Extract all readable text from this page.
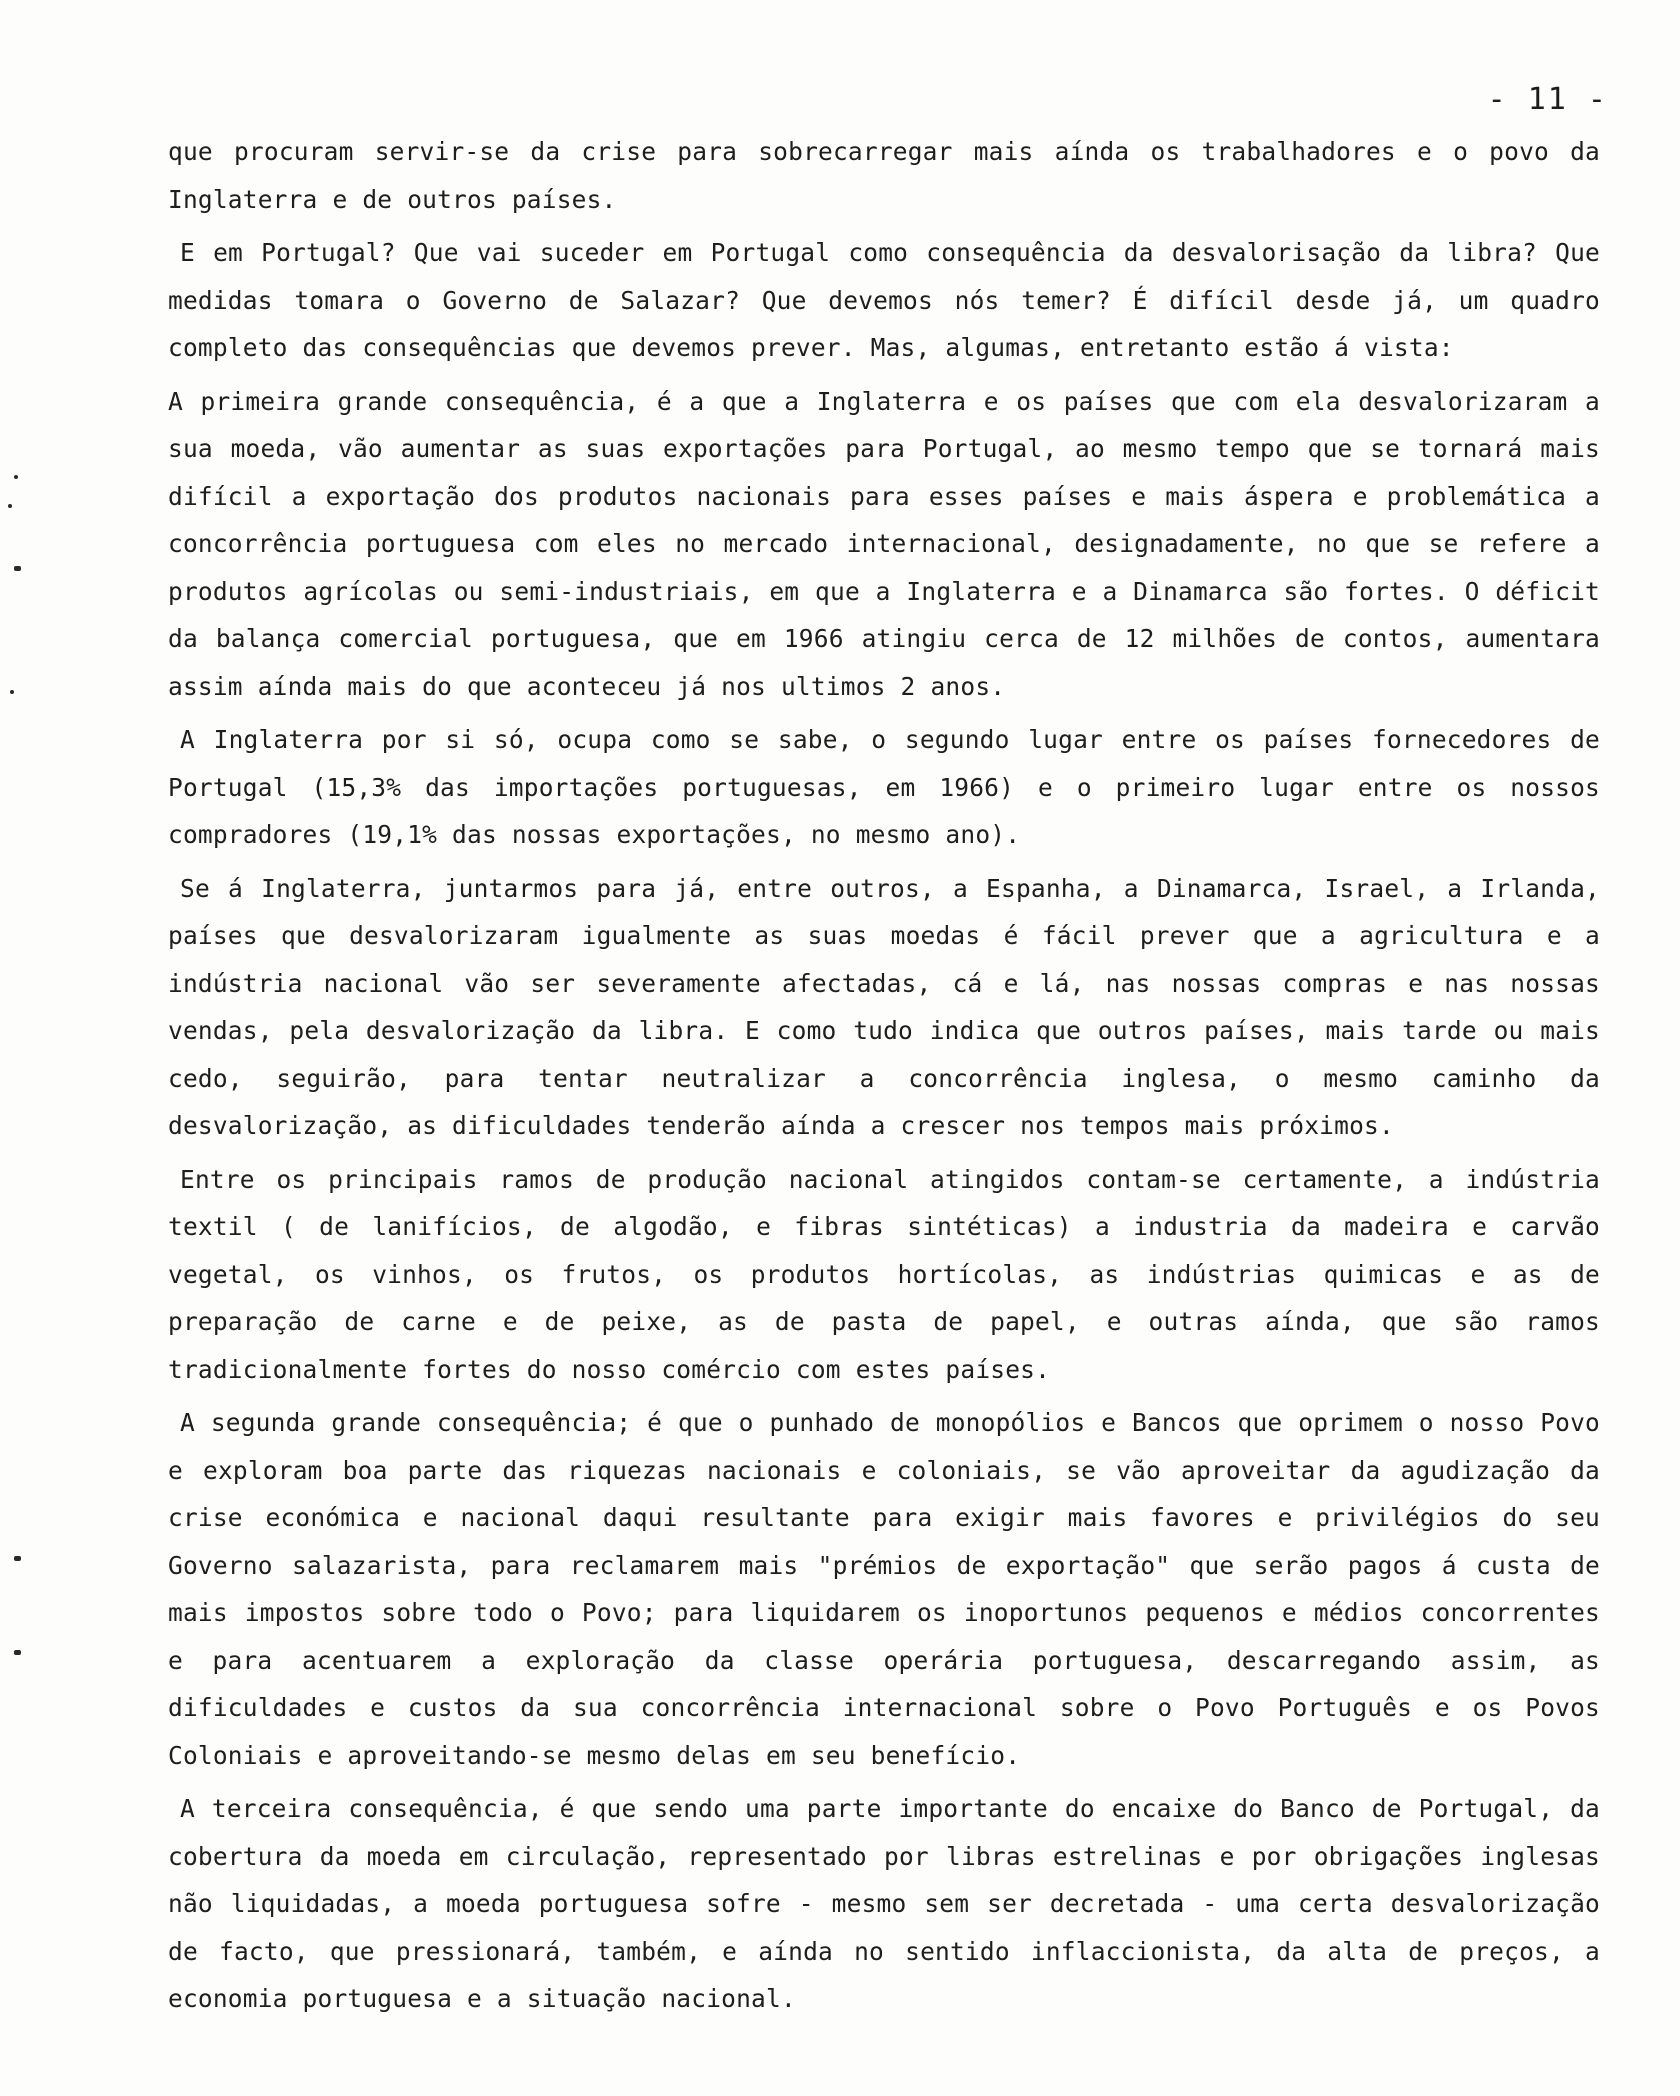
- 11 -

que procuram servir-se da crise para sobrecarregar mais aínda os trabalhadores e o povo da Inglaterra e de outros países.

E em Portugal? Que vai suceder em Portugal como consequência da desvalorisação da libra? Que medidas tomara o Governo de Salazar? Que devemos nós temer? É difícil desde já, um quadro completo das consequências que devemos prever. Mas, algumas, entretanto estão á vista:

A primeira grande consequência, é a que a Inglaterra e os países que com ela desvalorizaram a sua moeda, vão aumentar as suas exportações para Portugal, ao mesmo tempo que se tornará mais difícil a exportação dos produtos nacionais para esses países e mais áspera e problemática a concorrência portuguesa com eles no mercado internacional, designadamente, no que se refere a produtos agrícolas ou semi-industriais, em que a Inglaterra e a Dinamarca são fortes. O déficit da balança comercial portuguesa, que em 1966 atingiu cerca de 12 milhões de contos, aumentara assim aínda mais do que aconteceu já nos ultimos 2 anos.

A Inglaterra por si só, ocupa como se sabe, o segundo lugar entre os países fornecedores de Portugal (15,3% das importações portuguesas, em 1966) e o primeiro lugar entre os nossos compradores (19,1% das nossas exportações, no mesmo ano).

Se á Inglaterra, juntarmos para já, entre outros, a Espanha, a Dinamarca, Israel, a Irlanda, países que desvalorizaram igualmente as suas moedas é fácil prever que a agricultura e a indústria nacional vão ser severamente afectadas, cá e lá, nas nossas compras e nas nossas vendas, pela desvalorização da libra. E como tudo indica que outros países, mais tarde ou mais cedo, seguirão, para tentar neutralizar a concorrência inglesa, o mesmo caminho da desvalorização, as dificuldades tenderão aínda a crescer nos tempos mais próximos.

Entre os principais ramos de produção nacional atingidos contam-se certamente, a indústria textil ( de lanifícios, de algodão, e fibras sintéticas) a industria da madeira e carvão vegetal, os vinhos, os frutos, os produtos hortícolas, as indústrias quimicas e as de preparação de carne e de peixe, as de pasta de papel, e outras aínda, que são ramos tradicionalmente fortes do nosso comércio com estes países.

A segunda grande consequência; é que o punhado de monopólios e Bancos que oprimem o nosso Povo e exploram boa parte das riquezas nacionais e coloniais, se vão aproveitar da agudização da crise económica e nacional daqui resultante para exigir mais favores e privilégios do seu Governo salazarista, para reclamarem mais "prémios de exportação" que serão pagos á custa de mais impostos sobre todo o Povo; para liquidarem os inoportunos pequenos e médios concorrentes e para acentuarem a exploração da classe operária portuguesa, descarregando assim, as dificuldades e custos da sua concorrência internacional sobre o Povo Português e os Povos Coloniais e aproveitando-se mesmo delas em seu benefício.

A terceira consequência, é que sendo uma parte importante do encaixe do Banco de Portugal, da cobertura da moeda em circulação, representado por libras estrelinas e por obrigações inglesas não liquidadas, a moeda portuguesa sofre - mesmo sem ser decretada - uma certa desvalorização de facto, que pressionará, também, e aínda no sentido inflaccionista, da alta de preços, a economia portuguesa e a situação nacional.
